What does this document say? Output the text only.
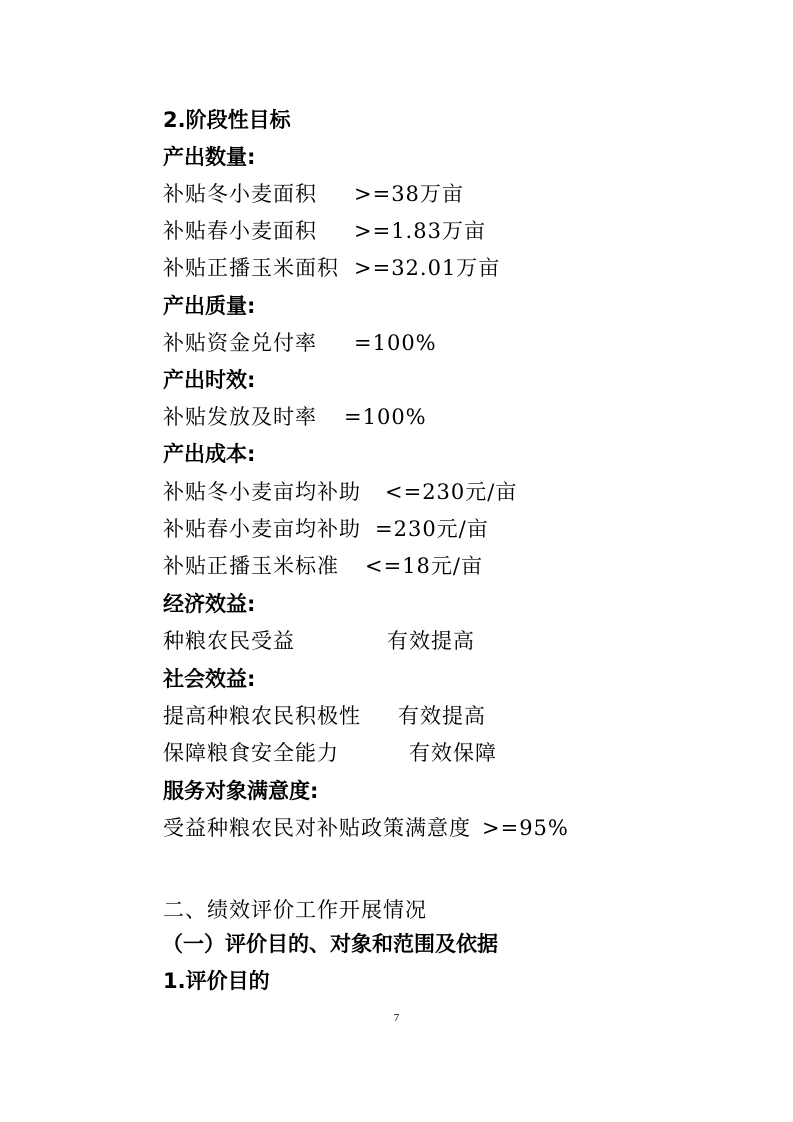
2.阶段性目标
产出数量:
补贴冬小麦面积 >=38万亩
补贴春小麦面积 >=1.83万亩
补贴正播玉米面积 >=32.01万亩
产出质量:
补贴资金兑付率 =100%
产出时效:
补贴发放及时率 =100%
产出成本:
补贴冬小麦亩均补助 <=230元/亩
补贴春小麦亩均补助 =230元/亩
补贴正播玉米标准 <=18元/亩
经济效益:
种粮农民受益	有效提高
社会效益:
提高种粮农民积极性 有效提高
保障粮食安全能力	有效保障
服务对象满意度:
受益种粮农民对补贴政策满意度 >=95%
二、绩效评价工作开展情况
（一）评价目的、对象和范围及依据
1.评价目的
7
